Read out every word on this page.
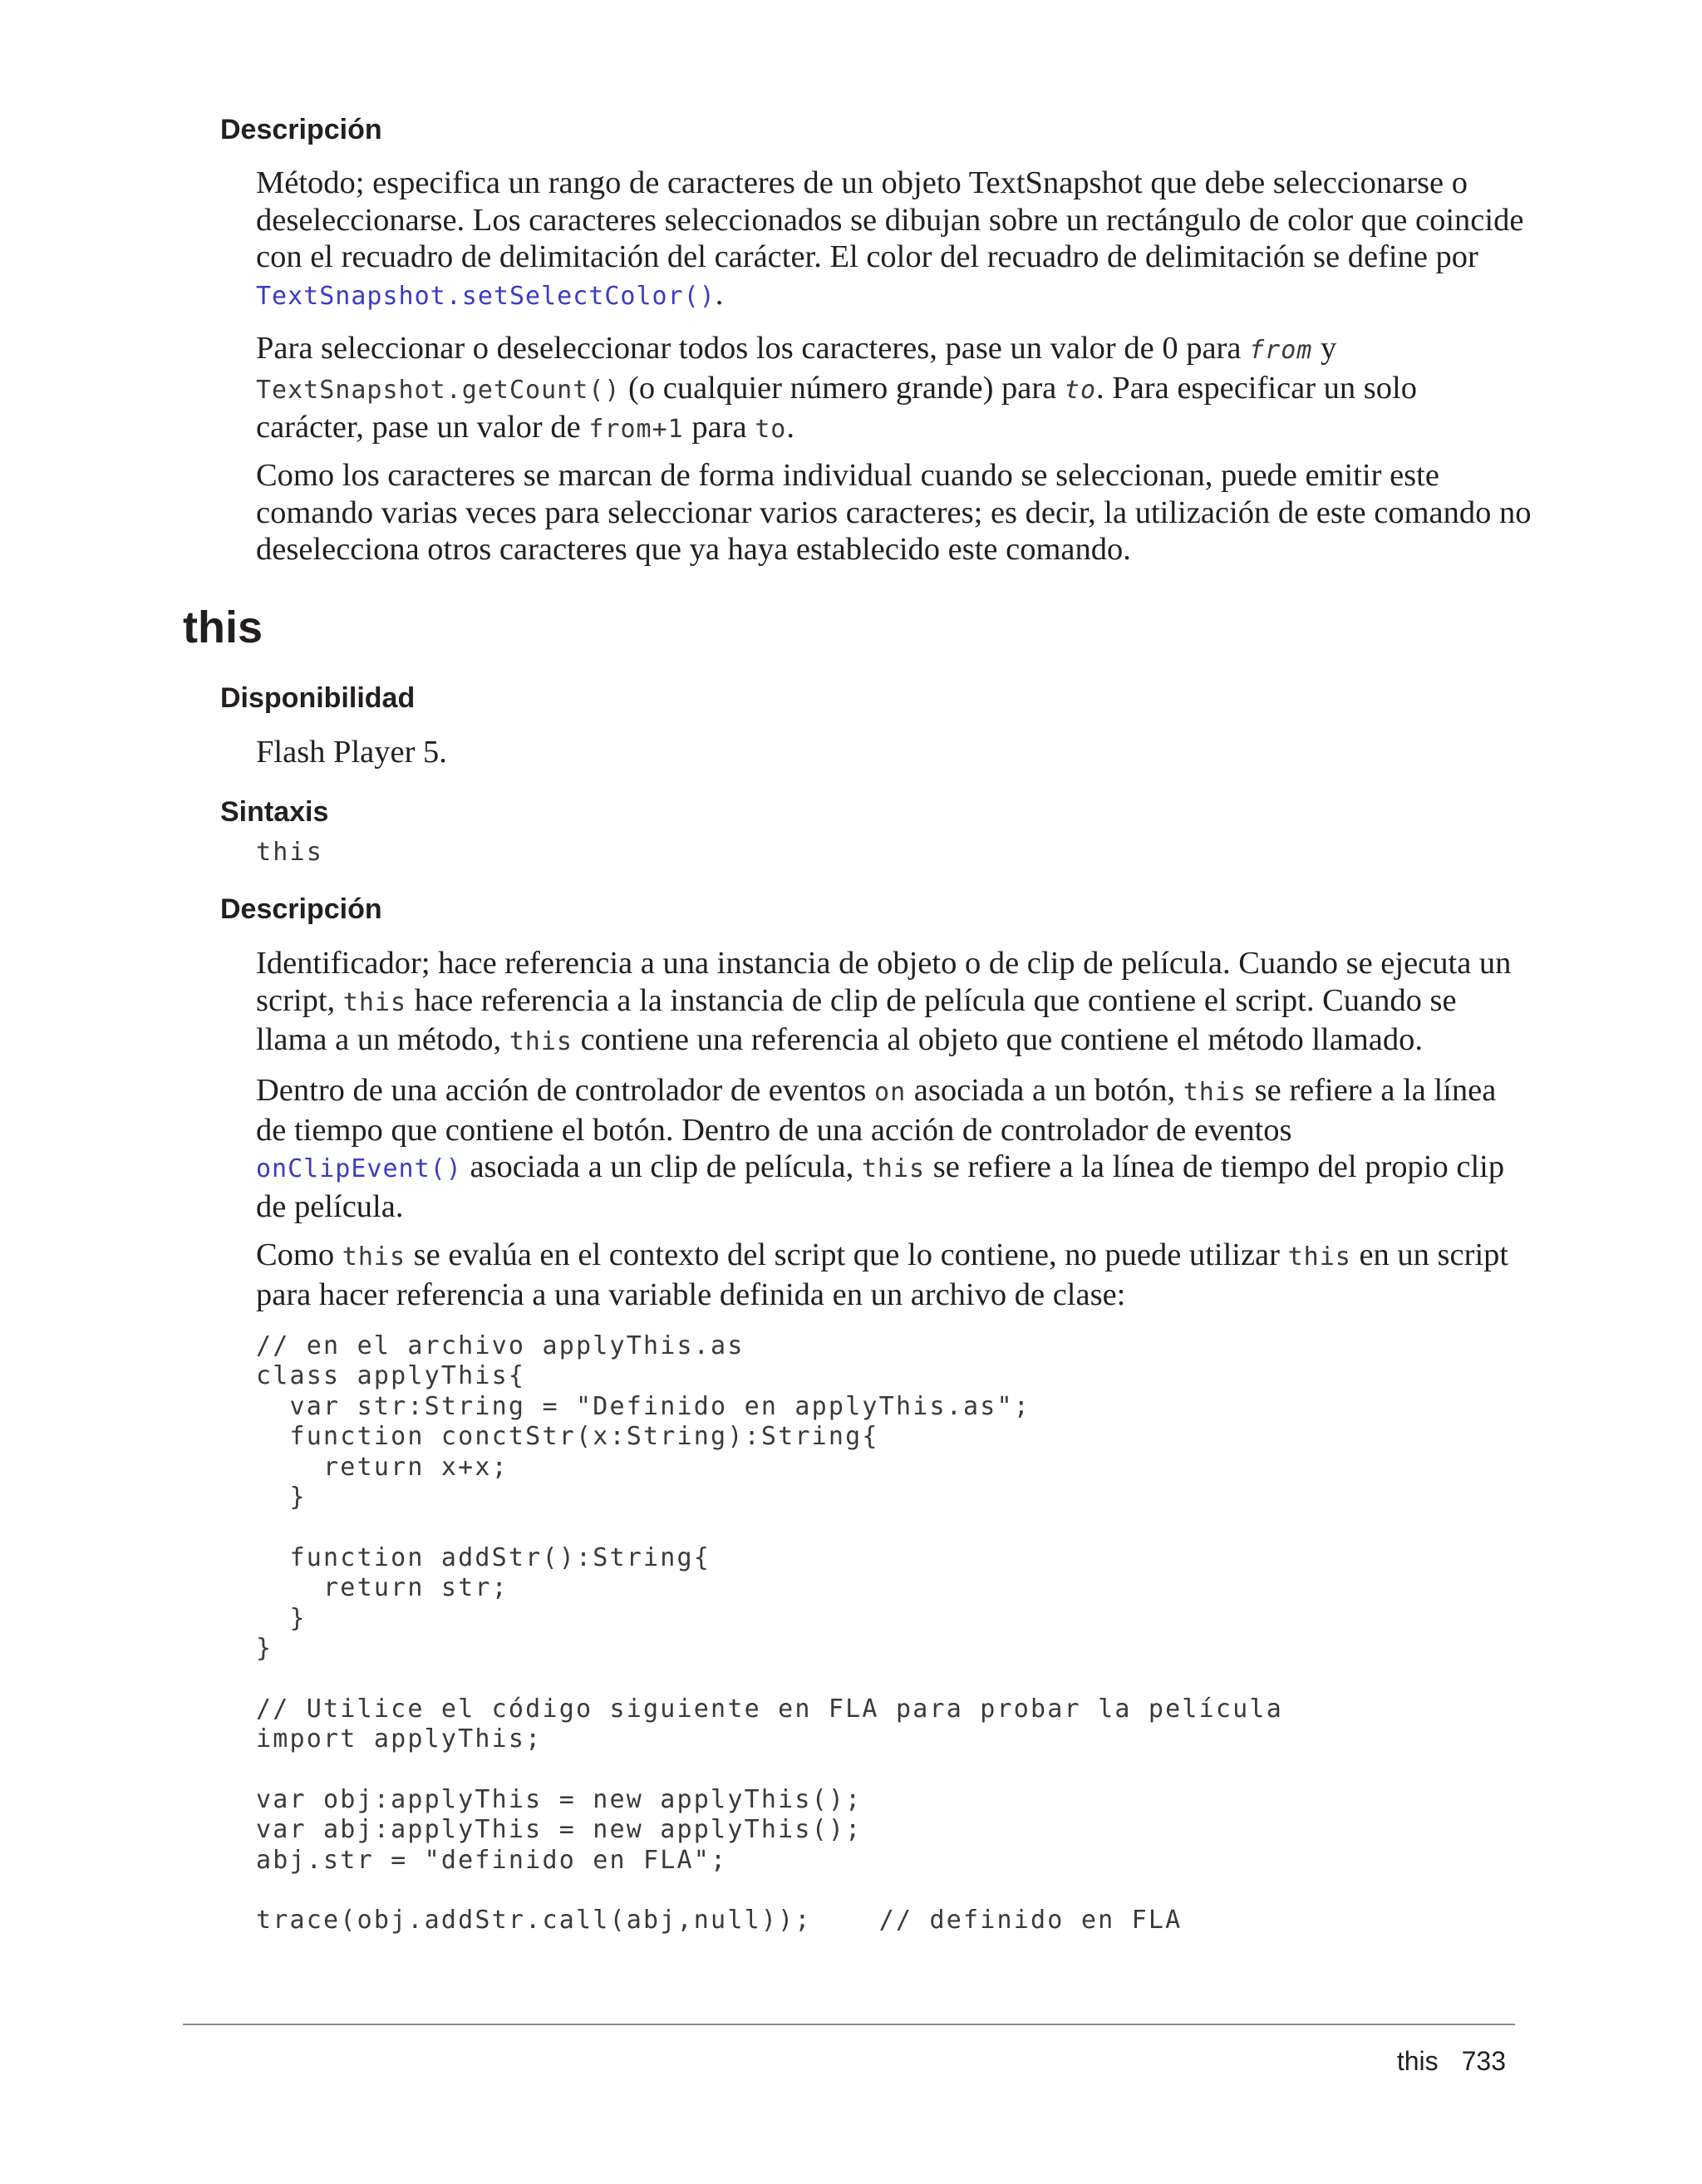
Descripción
Método; especifica un rango de caracteres de un objeto TextSnapshot que debe seleccionarse o
deseleccionarse. Los caracteres seleccionados se dibujan sobre un rectángulo de color que coincide
con el recuadro de delimitación del carácter. El color del recuadro de delimitación se define por
TextSnapshot.setSelectColor().
Para seleccionar o deseleccionar todos los caracteres, pase un valor de 0 para from y
TextSnapshot.getCount() (o cualquier número grande) para to. Para especificar un solo
carácter, pase un valor de from+1 para to.
Como los caracteres se marcan de forma individual cuando se seleccionan, puede emitir este
comando varias veces para seleccionar varios caracteres; es decir, la utilización de este comando no
deselecciona otros caracteres que ya haya establecido este comando.
this
Disponibilidad
Flash Player 5.
Sintaxis
this
Descripción
Identificador; hace referencia a una instancia de objeto o de clip de película. Cuando se ejecuta un
script, this hace referencia a la instancia de clip de película que contiene el script. Cuando se
llama a un método, this contiene una referencia al objeto que contiene el método llamado.
Dentro de una acción de controlador de eventos on asociada a un botón, this se refiere a la línea
de tiempo que contiene el botón. Dentro de una acción de controlador de eventos
onClipEvent() asociada a un clip de película, this se refiere a la línea de tiempo del propio clip
de película.
Como this se evalúa en el contexto del script que lo contiene, no puede utilizar this en un script
para hacer referencia a una variable definida en un archivo de clase:
// en el archivo applyThis.as
class applyThis{
var str:String = "Definido en applyThis.as";
function conctStr(x:String):String{
return x+x;
}
function addStr():String{
return str;
}
}
// Utilice el código siguiente en FLA para probar la película
import applyThis;
var obj:applyThis = new applyThis();
var abj:applyThis = new applyThis();
abj.str = "definido en FLA";
trace(obj.addStr.call(abj,null));    // definido en FLA
this 733
